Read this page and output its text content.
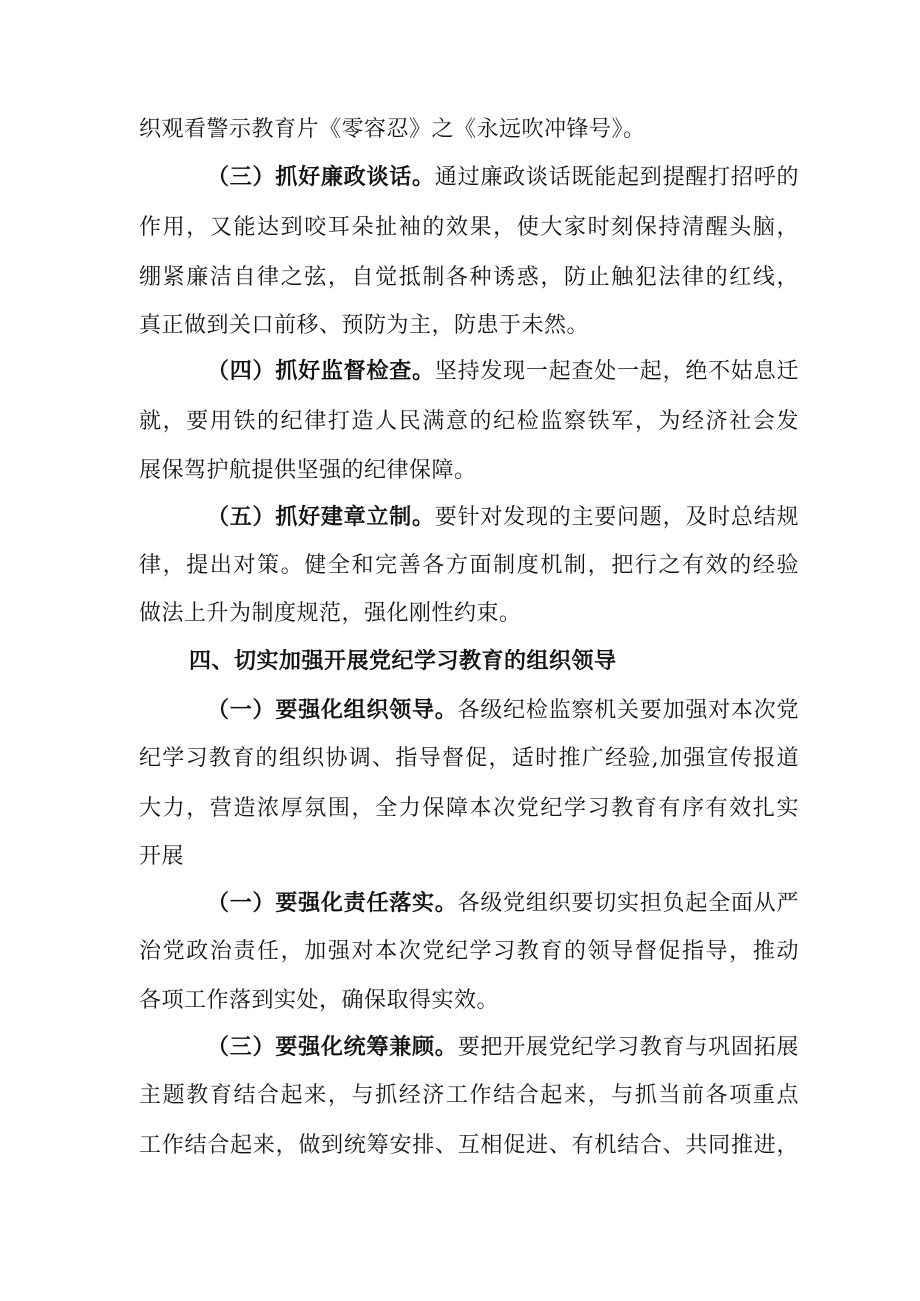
织观看警示教育片《零容忍》之《永远吹冲锋号》。
（三）抓好廉政谈话。通过廉政谈话既能起到提醒打招呼的
作用，又能达到咬耳朵扯袖的效果，使大家时刻保持清醒头脑，
绷紧廉洁自律之弦，自觉抵制各种诱惑，防止触犯法律的红线，
真正做到关口前移、预防为主，防患于未然。
（四）抓好监督检查。坚持发现一起查处一起，绝不姑息迁
就，要用铁的纪律打造人民满意的纪检监察铁军，为经济社会发
展保驾护航提供坚强的纪律保障。
（五）抓好建章立制。要针对发现的主要问题，及时总结规
律，提出对策。健全和完善各方面制度机制，把行之有效的经验
做法上升为制度规范，强化刚性约束。
四、切实加强开展党纪学习教育的组织领导
（一）要强化组织领导。各级纪检监察机关要加强对本次党
纪学习教育的组织协调、指导督促，适时推广经验,加强宣传报道
大力，营造浓厚氛围，全力保障本次党纪学习教育有序有效扎实
开展
（一）要强化责任落实。各级党组织要切实担负起全面从严
治党政治责任，加强对本次党纪学习教育的领导督促指导，推动
各项工作落到实处，确保取得实效。
（三）要强化统筹兼顾。要把开展党纪学习教育与巩固拓展
主题教育结合起来，与抓经济工作结合起来，与抓当前各项重点
工作结合起来，做到统筹安排、互相促进、有机结合、共同推进，
